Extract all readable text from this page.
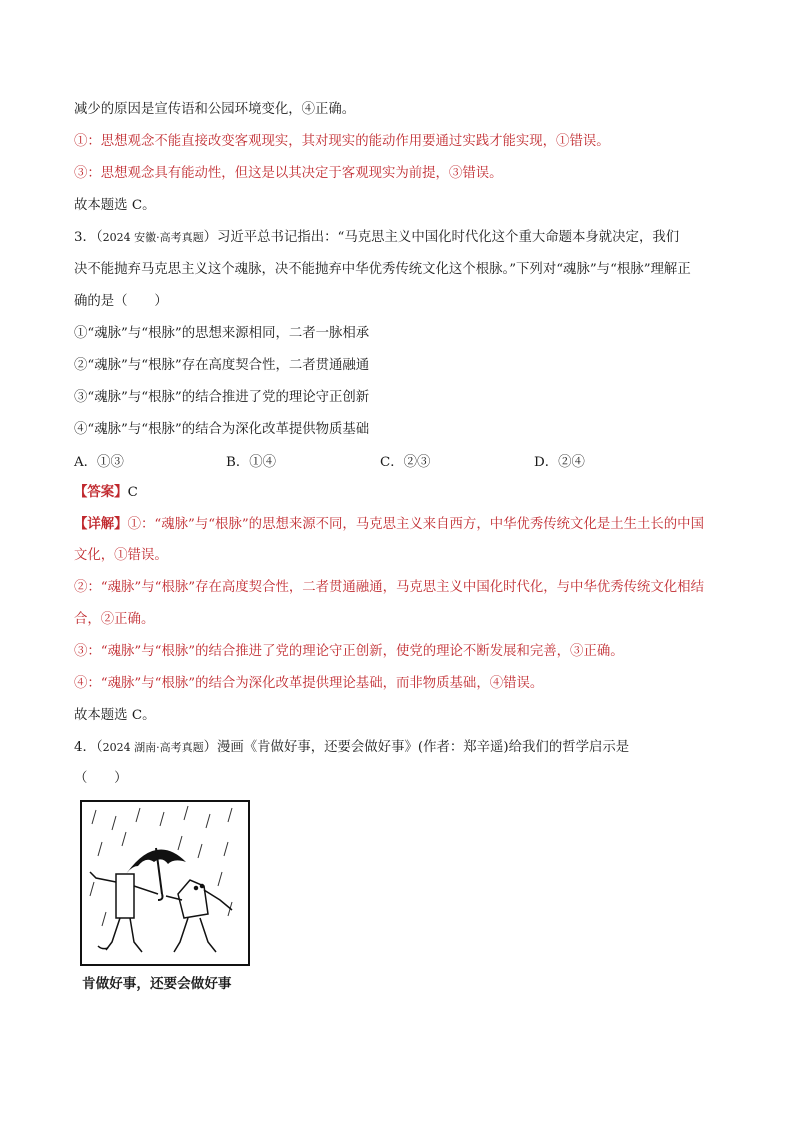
减少的原因是宣传语和公园环境变化，④正确。
①：思想观念不能直接改变客观现实，其对现实的能动作用要通过实践才能实现，①错误。
③：思想观念具有能动性，但这是以其决定于客观现实为前提，③错误。
故本题选 C。
3．（2024 安徽·高考真题）习近平总书记指出：“马克思主义中国化时代化这个重大命题本身就决定，我们
决不能抛弃马克思主义这个魂脉，决不能抛弃中华优秀传统文化这个根脉。”下列对“魂脉”与“根脉”理解正
确的是（　　）
①“魂脉”与“根脉”的思想来源相同，二者一脉相承
②“魂脉”与“根脉”存在高度契合性，二者贯通融通
③“魂脉”与“根脉”的结合推进了党的理论守正创新
④“魂脉”与“根脉”的结合为深化改革提供物质基础
A．①③	B．①④	C．②③	D．②④
【答案】C
【详解】①：“魂脉”与“根脉”的思想来源不同，马克思主义来自西方，中华优秀传统文化是土生土长的中国
文化，①错误。
②：“魂脉”与“根脉”存在高度契合性，二者贯通融通，马克思主义中国化时代化，与中华优秀传统文化相结
合，②正确。
③：“魂脉”与“根脉”的结合推进了党的理论守正创新，使党的理论不断发展和完善，③正确。
④：“魂脉”与“根脉”的结合为深化改革提供理论基础，而非物质基础，④错误。
故本题选 C。
4．（2024 湖南·高考真题）漫画《肯做好事，还要会做好事》(作者：郑辛遥)给我们的哲学启示是
（　　）
肯做好事，还要会做好事
